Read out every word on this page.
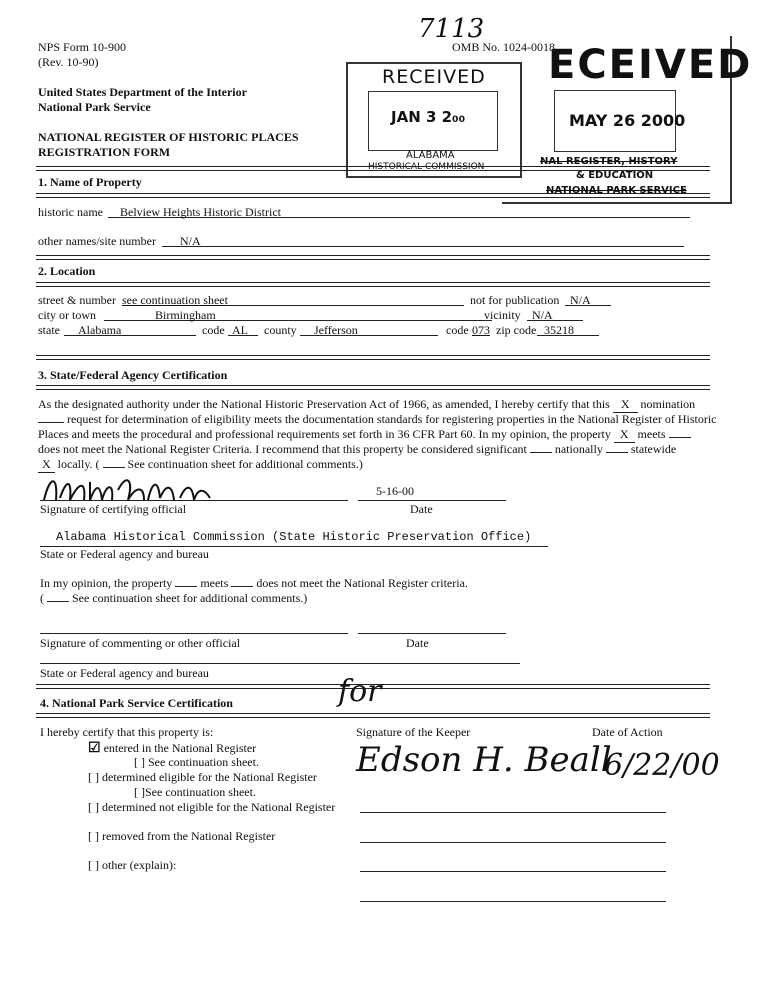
NPS Form 10-900
(Rev. 10-90)
United States Department of the Interior
National Park Service
NATIONAL REGISTER OF HISTORIC PLACES
REGISTRATION FORM
7113
OMB No. 1024-0018
RECEIVED
JAN 3 2₀₀
ALABAMA
HISTORICAL COMMISSION
ECEIVED
MAY 26 2000
NAL REGISTER, HISTORY
& EDUCATION
NATIONAL PARK SERVICE
1. Name of Property
historic name Belview Heights Historic District
other names/site number N/A
2. Location
street & number see continuation sheet	not for publication N/A
city or town	Birmingham	vicinity N/A
state Alabama	code AL county Jefferson	code 073 zip code 35218
3. State/Federal Agency Certification
As the designated authority under the National Historic Preservation Act of 1966, as amended, I hereby certify that this X nomination
request for determination of eligibility meets the documentation standards for registering properties in the National Register of Historic
Places and meets the procedural and professional requirements set forth in 36 CFR Part 60. In my opinion, the property X meets
does not meet the National Register Criteria. I recommend that this property be considered significant nationally statewide
X locally. ( See continuation sheet for additional comments.)
5-16-00
Signature of certifying official	Date
Alabama Historical Commission (State Historic Preservation Office)
State or Federal agency and bureau
In my opinion, the property meets does not meet the National Register criteria.
( See continuation sheet for additional comments.)
Signature of commenting or other official	Date
State or Federal agency and bureau
4. National Park Service Certification
I hereby certify that this property is:	Signature of the Keeper	Date of Action
for
☑ entered in the National Register
[ ] See continuation sheet.
[ ] determined eligible for the National Register
[ ]See continuation sheet.
[ ] determined not eligible for the National Register
[ ] removed from the National Register
[ ] other (explain):
Edson H. Beall
6/22/00
